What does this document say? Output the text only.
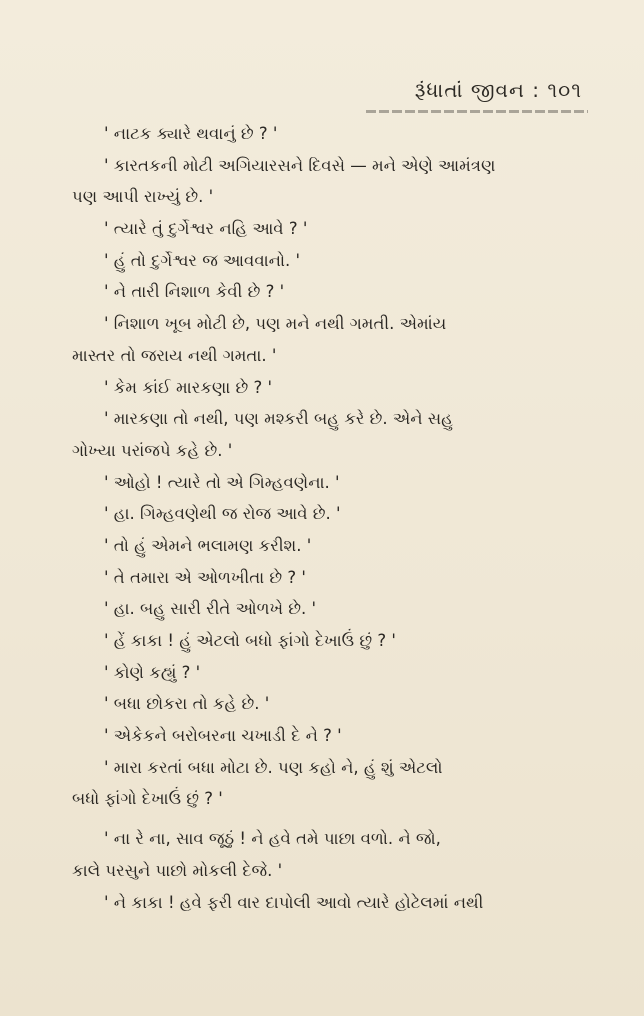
રૂંધાતાં જીવન : ૧૦૧
' નાટક ક્યારે થવાનું છે ? '
' કારતકની મોટી અગિયારસને દિવસે — મને એણે આમંત્રણ
પણ આપી રાખ્યું છે. '
' ત્યારે તું દુર્ગેશ્વર નહિ આવે ? '
' હું તો દુર્ગેશ્વર જ આવવાનો. '
' ને તારી નિશાળ કેવી છે ? '
' નિશાળ ખૂબ મોટી છે, પણ મને નથી ગમતી. એમાંય
માસ્તર તો જરાય નથી ગમતા. '
' કેમ કાંઈ મારકણા છે ? '
' મારકણા તો નથી, પણ મશ્કરી બહુ કરે છે. એને સહુ
ગોખ્યા પરાંજપે કહે છે. '
' ઓહો ! ત્યારે તો એ ગિમ્હવણેના. '
' હા. ગિમ્હવણેથી જ રોજ આવે છે. '
' તો હું એમને ભલામણ કરીશ. '
' તે તમારા એ ઓળખીતા છે ? '
' હા. બહુ સારી રીતે ઓળખે છે. '
' હેં કાકા ! હું એટલો બધો ફાંગો દેખાઉં છું ? '
' કોણે કહ્યું ? '
' બધા છોકરા તો કહે છે. '
' એકેકને બરોબરના ચખાડી દે ને ? '
' મારા કરતાં બધા મોટા છે. પણ કહો ને, હું શું એટલો
બધો ફાંગો દેખાઉં છું ? '
' ના રે ના, સાવ જૂઠું ! ને હવે તમે પાછા વળો. ને જો,
કાલે પરસુને પાછો મોકલી દેજે. '
' ને કાકા ! હવે ફરી વાર દાપોલી આવો ત્યારે હોટેલમાં નથી
